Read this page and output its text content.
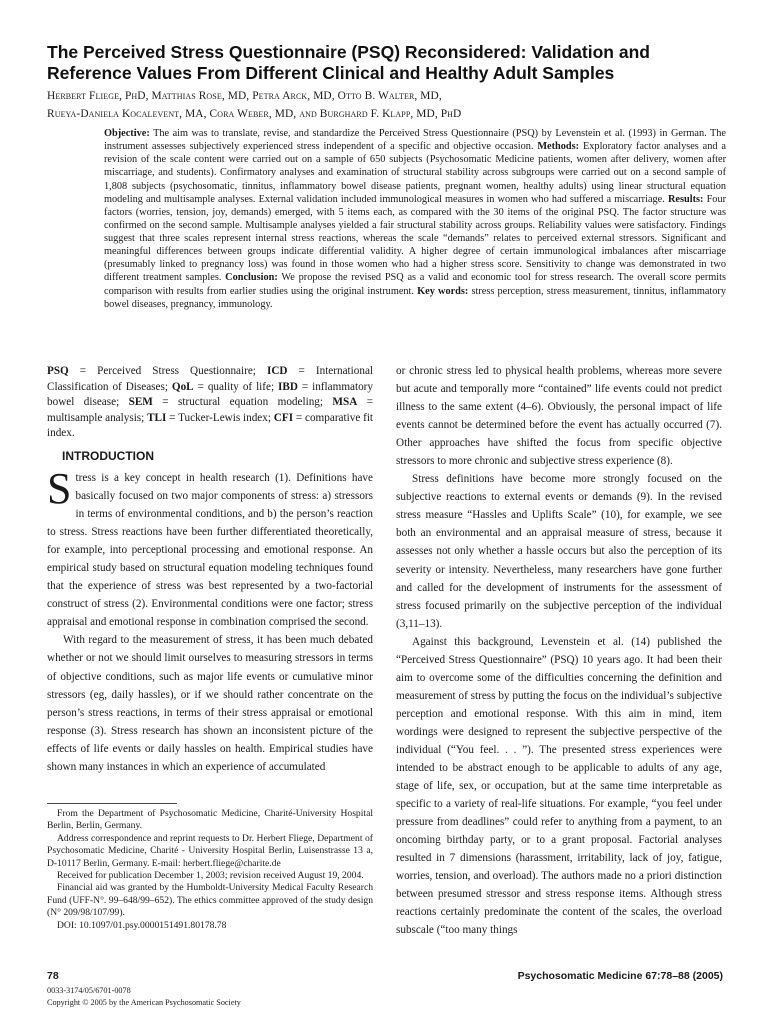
The Perceived Stress Questionnaire (PSQ) Reconsidered: Validation and Reference Values From Different Clinical and Healthy Adult Samples
Herbert Fliege, PhD, Matthias Rose, MD, Petra Arck, MD, Otto B. Walter, MD,
Rueya-Daniela Kocalevent, MA, Cora Weber, MD, and Burghard F. Klapp, MD, PhD

Objective: The aim was to translate, revise, and standardize the Perceived Stress Questionnaire (PSQ) by Levenstein et al. (1993) in German. The instrument assesses subjectively experienced stress independent of a specific and objective occasion. Methods: Exploratory factor analyses and a revision of the scale content were carried out on a sample of 650 subjects (Psychosomatic Medicine patients, women after delivery, women after miscarriage, and students). Confirmatory analyses and examination of structural stability across subgroups were carried out on a second sample of 1,808 subjects (psychosomatic, tinnitus, inflammatory bowel disease patients, pregnant women, healthy adults) using linear structural equation modeling and multisample analyses. External validation included immunological measures in women who had suffered a miscarriage. Results: Four factors (worries, tension, joy, demands) emerged, with 5 items each, as compared with the 30 items of the original PSQ. The factor structure was confirmed on the second sample. Multisample analyses yielded a fair structural stability across groups. Reliability values were satisfactory. Findings suggest that three scales represent internal stress reactions, whereas the scale “demands” relates to perceived external stressors. Significant and meaningful differences between groups indicate differential validity. A higher degree of certain immunological imbalances after miscarriage (presumably linked to pregnancy loss) was found in those women who had a higher stress score. Sensitivity to change was demonstrated in two different treatment samples. Conclusion: We propose the revised PSQ as a valid and economic tool for stress research. The overall score permits comparison with results from earlier studies using the original instrument. Key words: stress perception, stress measurement, tinnitus, inflammatory bowel diseases, pregnancy, immunology.

PSQ = Perceived Stress Questionnaire; ICD = International Classification of Diseases; QoL = quality of life; IBD = inflammatory bowel disease; SEM = structural equation modeling; MSA = multisample analysis; TLI = Tucker-Lewis index; CFI = comparative fit index.

INTRODUCTION

Stress is a key concept in health research (1). Definitions have basically focused on two major components of stress: a) stressors in terms of environmental conditions, and b) the person’s reaction to stress. Stress reactions have been further differentiated theoretically, for example, into perceptional processing and emotional response. An empirical study based on structural equation modeling techniques found that the experience of stress was best represented by a two-factorial construct of stress (2). Environmental conditions were one factor; stress appraisal and emotional response in combination comprised the second.

With regard to the measurement of stress, it has been much debated whether or not we should limit ourselves to measuring stressors in terms of objective conditions, such as major life events or cumulative minor stressors (eg, daily hassles), or if we should rather concentrate on the person’s stress reactions, in terms of their stress appraisal or emotional response (3). Stress research has shown an inconsistent picture of the effects of life events or daily hassles on health. Empirical studies have shown many instances in which an experience of accumulated

From the Department of Psychosomatic Medicine, Charité-University Hospital Berlin, Berlin, Germany.

Address correspondence and reprint requests to Dr. Herbert Fliege, Department of Psychosomatic Medicine, Charité - University Hospital Berlin, Luisenstrasse 13 a, D-10117 Berlin, Germany. E-mail: herbert.fliege@charite.de

Received for publication December 1, 2003; revision received August 19, 2004.

Financial aid was granted by the Humboldt-University Medical Faculty Research Fund (UFF-N°. 99–648/99–652). The ethics committee approved of the study design (N° 209/98/107/99).

DOI: 10.1097/01.psy.0000151491.80178.78

or chronic stress led to physical health problems, whereas more severe but acute and temporally more “contained” life events could not predict illness to the same extent (4–6). Obviously, the personal impact of life events cannot be determined before the event has actually occurred (7). Other approaches have shifted the focus from specific objective stressors to more chronic and subjective stress experience (8).

Stress definitions have become more strongly focused on the subjective reactions to external events or demands (9). In the revised stress measure “Hassles and Uplifts Scale” (10), for example, we see both an environmental and an appraisal measure of stress, because it assesses not only whether a hassle occurs but also the perception of its severity or intensity. Nevertheless, many researchers have gone further and called for the development of instruments for the assessment of stress focused primarily on the subjective perception of the individual (3,11–13).

Against this background, Levenstein et al. (14) published the “Perceived Stress Questionnaire” (PSQ) 10 years ago. It had been their aim to overcome some of the difficulties concerning the definition and measurement of stress by putting the focus on the individual’s subjective perception and emotional response. With this aim in mind, item wordings were designed to represent the subjective perspective of the individual (“You feel. . . ”). The presented stress experiences were intended to be abstract enough to be applicable to adults of any age, stage of life, sex, or occupation, but at the same time interpretable as specific to a variety of real-life situations. For example, “you feel under pressure from deadlines” could refer to anything from a payment, to an oncoming birthday party, or to a grant proposal. Factorial analyses resulted in 7 dimensions (harassment, irritability, lack of joy, fatigue, worries, tension, and overload). The authors made no a priori distinction between presumed stressor and stress response items. Although stress reactions certainly predominate the content of the scales, the overload subscale (“too many things

78	Psychosomatic Medicine 67:78–88 (2005)
0033-3174/05/6701-0078
Copyright © 2005 by the American Psychosomatic Society
